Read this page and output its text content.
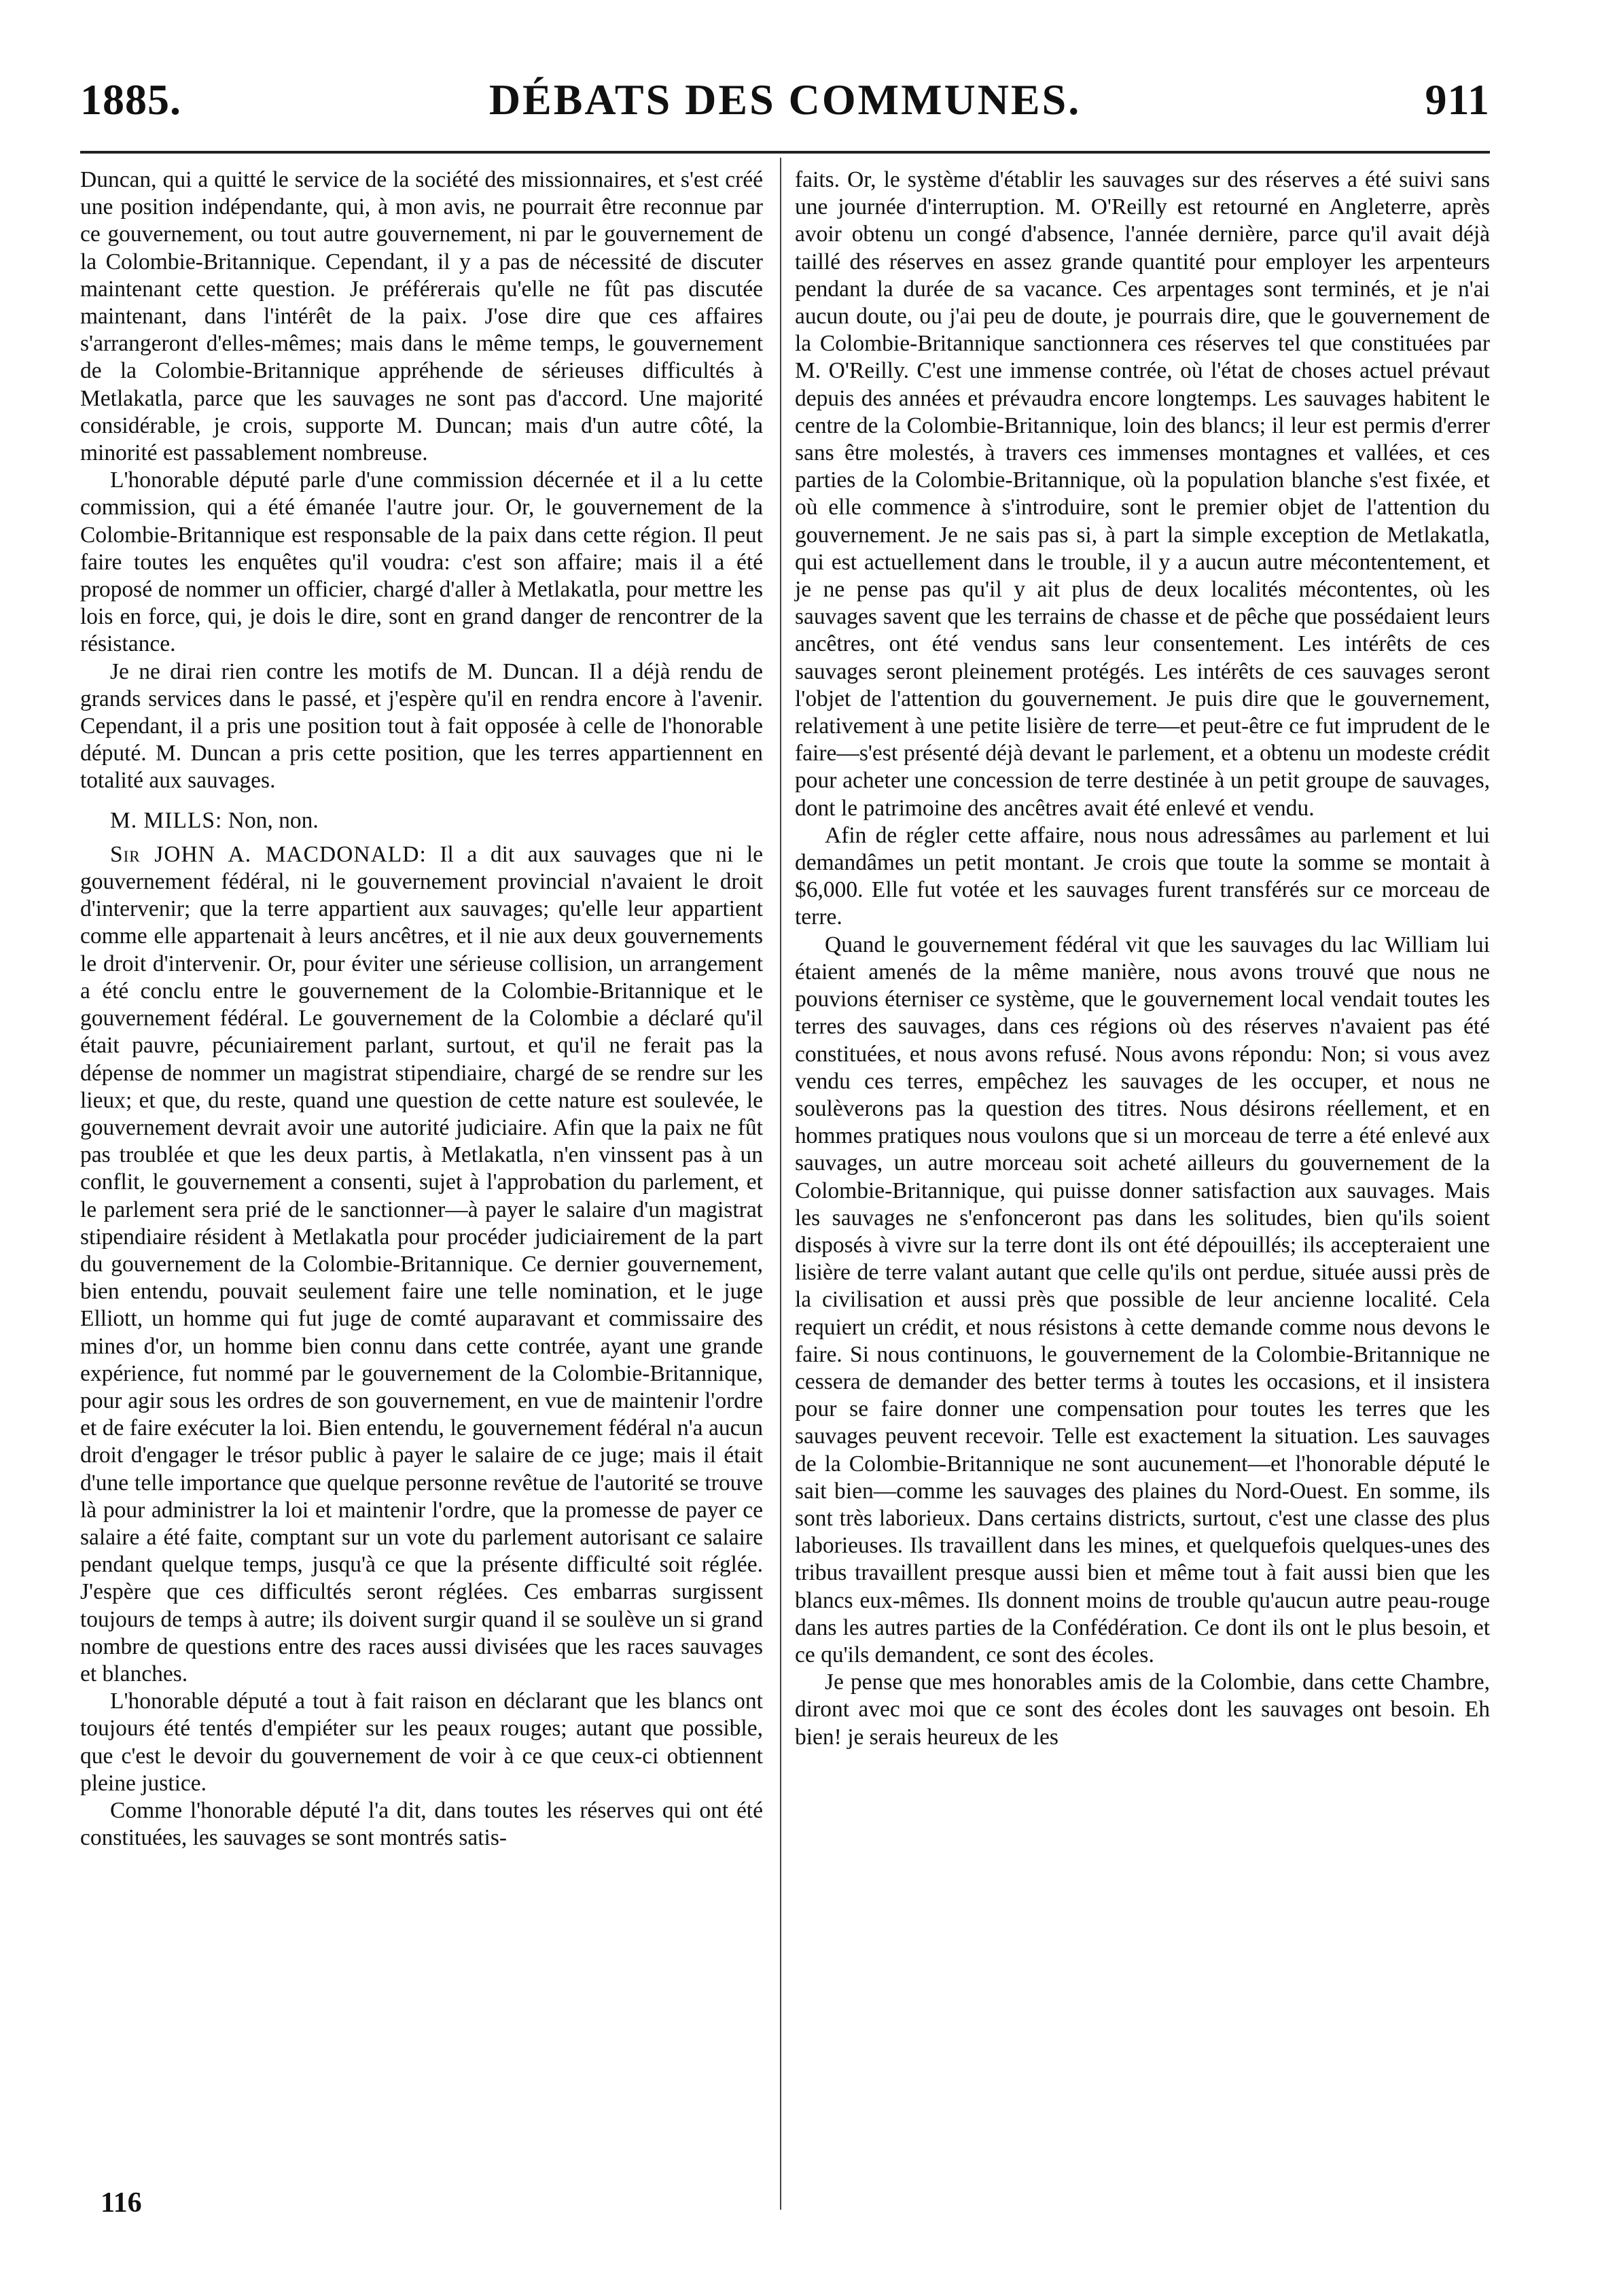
1885.	DÉBATS DES COMMUNES.	911

Duncan, qui a quitté le service de la société des missionnaires, et s'est créé une position indépendante, qui, à mon avis, ne pourrait être reconnue par ce gouvernement, ou tout autre gouvernement, ni par le gouvernement de la Colombie-Britannique. Cependant, il y a pas de nécessité de discuter maintenant cette question. Je préférerais qu'elle ne fût pas discutée maintenant, dans l'intérêt de la paix. J'ose dire que ces affaires s'arrangeront d'elles-mêmes; mais dans le même temps, le gouvernement de la Colombie-Britannique appréhende de sérieuses difficultés à Metlakatla, parce que les sauvages ne sont pas d'accord. Une majorité considérable, je crois, supporte M. Duncan; mais d'un autre côté, la minorité est passablement nombreuse.

L'honorable député parle d'une commission décernée et il a lu cette commission, qui a été émanée l'autre jour. Or, le gouvernement de la Colombie-Britannique est responsable de la paix dans cette région. Il peut faire toutes les enquêtes qu'il voudra: c'est son affaire; mais il a été proposé de nommer un officier, chargé d'aller à Metlakatla, pour mettre les lois en force, qui, je dois le dire, sont en grand danger de rencontrer de la résistance.

Je ne dirai rien contre les motifs de M. Duncan. Il a déjà rendu de grands services dans le passé, et j'espère qu'il en rendra encore à l'avenir. Cependant, il a pris une position tout à fait opposée à celle de l'honorable député. M. Duncan a pris cette position, que les terres appartiennent en totalité aux sauvages.

M. MILLS: Non, non.

Sir JOHN A. MACDONALD: Il a dit aux sauvages que ni le gouvernement fédéral, ni le gouvernement provincial n'avaient le droit d'intervenir; que la terre appartient aux sauvages; qu'elle leur appartient comme elle appartenait à leurs ancêtres, et il nie aux deux gouvernements le droit d'intervenir. Or, pour éviter une sérieuse collision, un arrangement a été conclu entre le gouvernement de la Colombie-Britannique et le gouvernement fédéral. Le gouvernement de la Colombie a déclaré qu'il était pauvre, pécuniairement parlant, surtout, et qu'il ne ferait pas la dépense de nommer un magistrat stipendiaire, chargé de se rendre sur les lieux; et que, du reste, quand une question de cette nature est soulevée, le gouvernement devrait avoir une autorité judiciaire. Afin que la paix ne fût pas troublée et que les deux partis, à Metlakatla, n'en vinssent pas à un conflit, le gouvernement a consenti, sujet à l'approbation du parlement, et le parlement sera prié de le sanctionner—à payer le salaire d'un magistrat stipendiaire résident à Metlakatla pour procéder judiciairement de la part du gouvernement de la Colombie-Britannique. Ce dernier gouvernement, bien entendu, pouvait seulement faire une telle nomination, et le juge Elliott, un homme qui fut juge de comté auparavant et commissaire des mines d'or, un homme bien connu dans cette contrée, ayant une grande expérience, fut nommé par le gouvernement de la Colombie-Britannique, pour agir sous les ordres de son gouvernement, en vue de maintenir l'ordre et de faire exécuter la loi. Bien entendu, le gouvernement fédéral n'a aucun droit d'engager le trésor public à payer le salaire de ce juge; mais il était d'une telle importance que quelque personne revêtue de l'autorité se trouve là pour administrer la loi et maintenir l'ordre, que la promesse de payer ce salaire a été faite, comptant sur un vote du parlement autorisant ce salaire pendant quelque temps, jusqu'à ce que la présente difficulté soit réglée. J'espère que ces difficultés seront réglées. Ces embarras surgissent toujours de temps à autre; ils doivent surgir quand il se soulève un si grand nombre de questions entre des races aussi divisées que les races sauvages et blanches.

L'honorable député a tout à fait raison en déclarant que les blancs ont toujours été tentés d'empiéter sur les peaux rouges; autant que possible, que c'est le devoir du gouvernement de voir à ce que ceux-ci obtiennent pleine justice.

Comme l'honorable député l'a dit, dans toutes les réserves qui ont été constituées, les sauvages se sont montrés satis-

116

faits. Or, le système d'établir les sauvages sur des réserves a été suivi sans une journée d'interruption. M. O'Reilly est retourné en Angleterre, après avoir obtenu un congé d'absence, l'année dernière, parce qu'il avait déjà taillé des réserves en assez grande quantité pour employer les arpenteurs pendant la durée de sa vacance. Ces arpentages sont terminés, et je n'ai aucun doute, ou j'ai peu de doute, je pourrais dire, que le gouvernement de la Colombie-Britannique sanctionnera ces réserves tel que constituées par M. O'Reilly. C'est une immense contrée, où l'état de choses actuel prévaut depuis des années et prévaudra encore longtemps. Les sauvages habitent le centre de la Colombie-Britannique, loin des blancs; il leur est permis d'errer sans être molestés, à travers ces immenses montagnes et vallées, et ces parties de la Colombie-Britannique, où la population blanche s'est fixée, et où elle commence à s'introduire, sont le premier objet de l'attention du gouvernement. Je ne sais pas si, à part la simple exception de Metlakatla, qui est actuellement dans le trouble, il y a aucun autre mécontentement, et je ne pense pas qu'il y ait plus de deux localités mécontentes, où les sauvages savent que les terrains de chasse et de pêche que possédaient leurs ancêtres, ont été vendus sans leur consentement. Les intérêts de ces sauvages seront pleinement protégés. Les intérêts de ces sauvages seront l'objet de l'attention du gouvernement. Je puis dire que le gouvernement, relativement à une petite lisière de terre—et peut-être ce fut imprudent de le faire—s'est présenté déjà devant le parlement, et a obtenu un modeste crédit pour acheter une concession de terre destinée à un petit groupe de sauvages, dont le patrimoine des ancêtres avait été enlevé et vendu.

Afin de régler cette affaire, nous nous adressâmes au parlement et lui demandâmes un petit montant. Je crois que toute la somme se montait à $6,000. Elle fut votée et les sauvages furent transférés sur ce morceau de terre.

Quand le gouvernement fédéral vit que les sauvages du lac William lui étaient amenés de la même manière, nous avons trouvé que nous ne pouvions éterniser ce système, que le gouvernement local vendait toutes les terres des sauvages, dans ces régions où des réserves n'avaient pas été constituées, et nous avons refusé. Nous avons répondu: Non; si vous avez vendu ces terres, empêchez les sauvages de les occuper, et nous ne soulèverons pas la question des titres. Nous désirons réellement, et en hommes pratiques nous voulons que si un morceau de terre a été enlevé aux sauvages, un autre morceau soit acheté ailleurs du gouvernement de la Colombie-Britannique, qui puisse donner satisfaction aux sauvages. Mais les sauvages ne s'enfonceront pas dans les solitudes, bien qu'ils soient disposés à vivre sur la terre dont ils ont été dépouillés; ils accepteraient une lisière de terre valant autant que celle qu'ils ont perdue, située aussi près de la civilisation et aussi près que possible de leur ancienne localité. Cela requiert un crédit, et nous résistons à cette demande comme nous devons le faire. Si nous continuons, le gouvernement de la Colombie-Britannique ne cessera de demander des better terms à toutes les occasions, et il insistera pour se faire donner une compensation pour toutes les terres que les sauvages peuvent recevoir. Telle est exactement la situation. Les sauvages de la Colombie-Britannique ne sont aucunement—et l'honorable député le sait bien—comme les sauvages des plaines du Nord-Ouest. En somme, ils sont très laborieux. Dans certains districts, surtout, c'est une classe des plus laborieuses. Ils travaillent dans les mines, et quelquefois quelques-unes des tribus travaillent presque aussi bien et même tout à fait aussi bien que les blancs eux-mêmes. Ils donnent moins de trouble qu'aucun autre peau-rouge dans les autres parties de la Confédération. Ce dont ils ont le plus besoin, et ce qu'ils demandent, ce sont des écoles.

Je pense que mes honorables amis de la Colombie, dans cette Chambre, diront avec moi que ce sont des écoles dont les sauvages ont besoin. Eh bien! je serais heureux de les
